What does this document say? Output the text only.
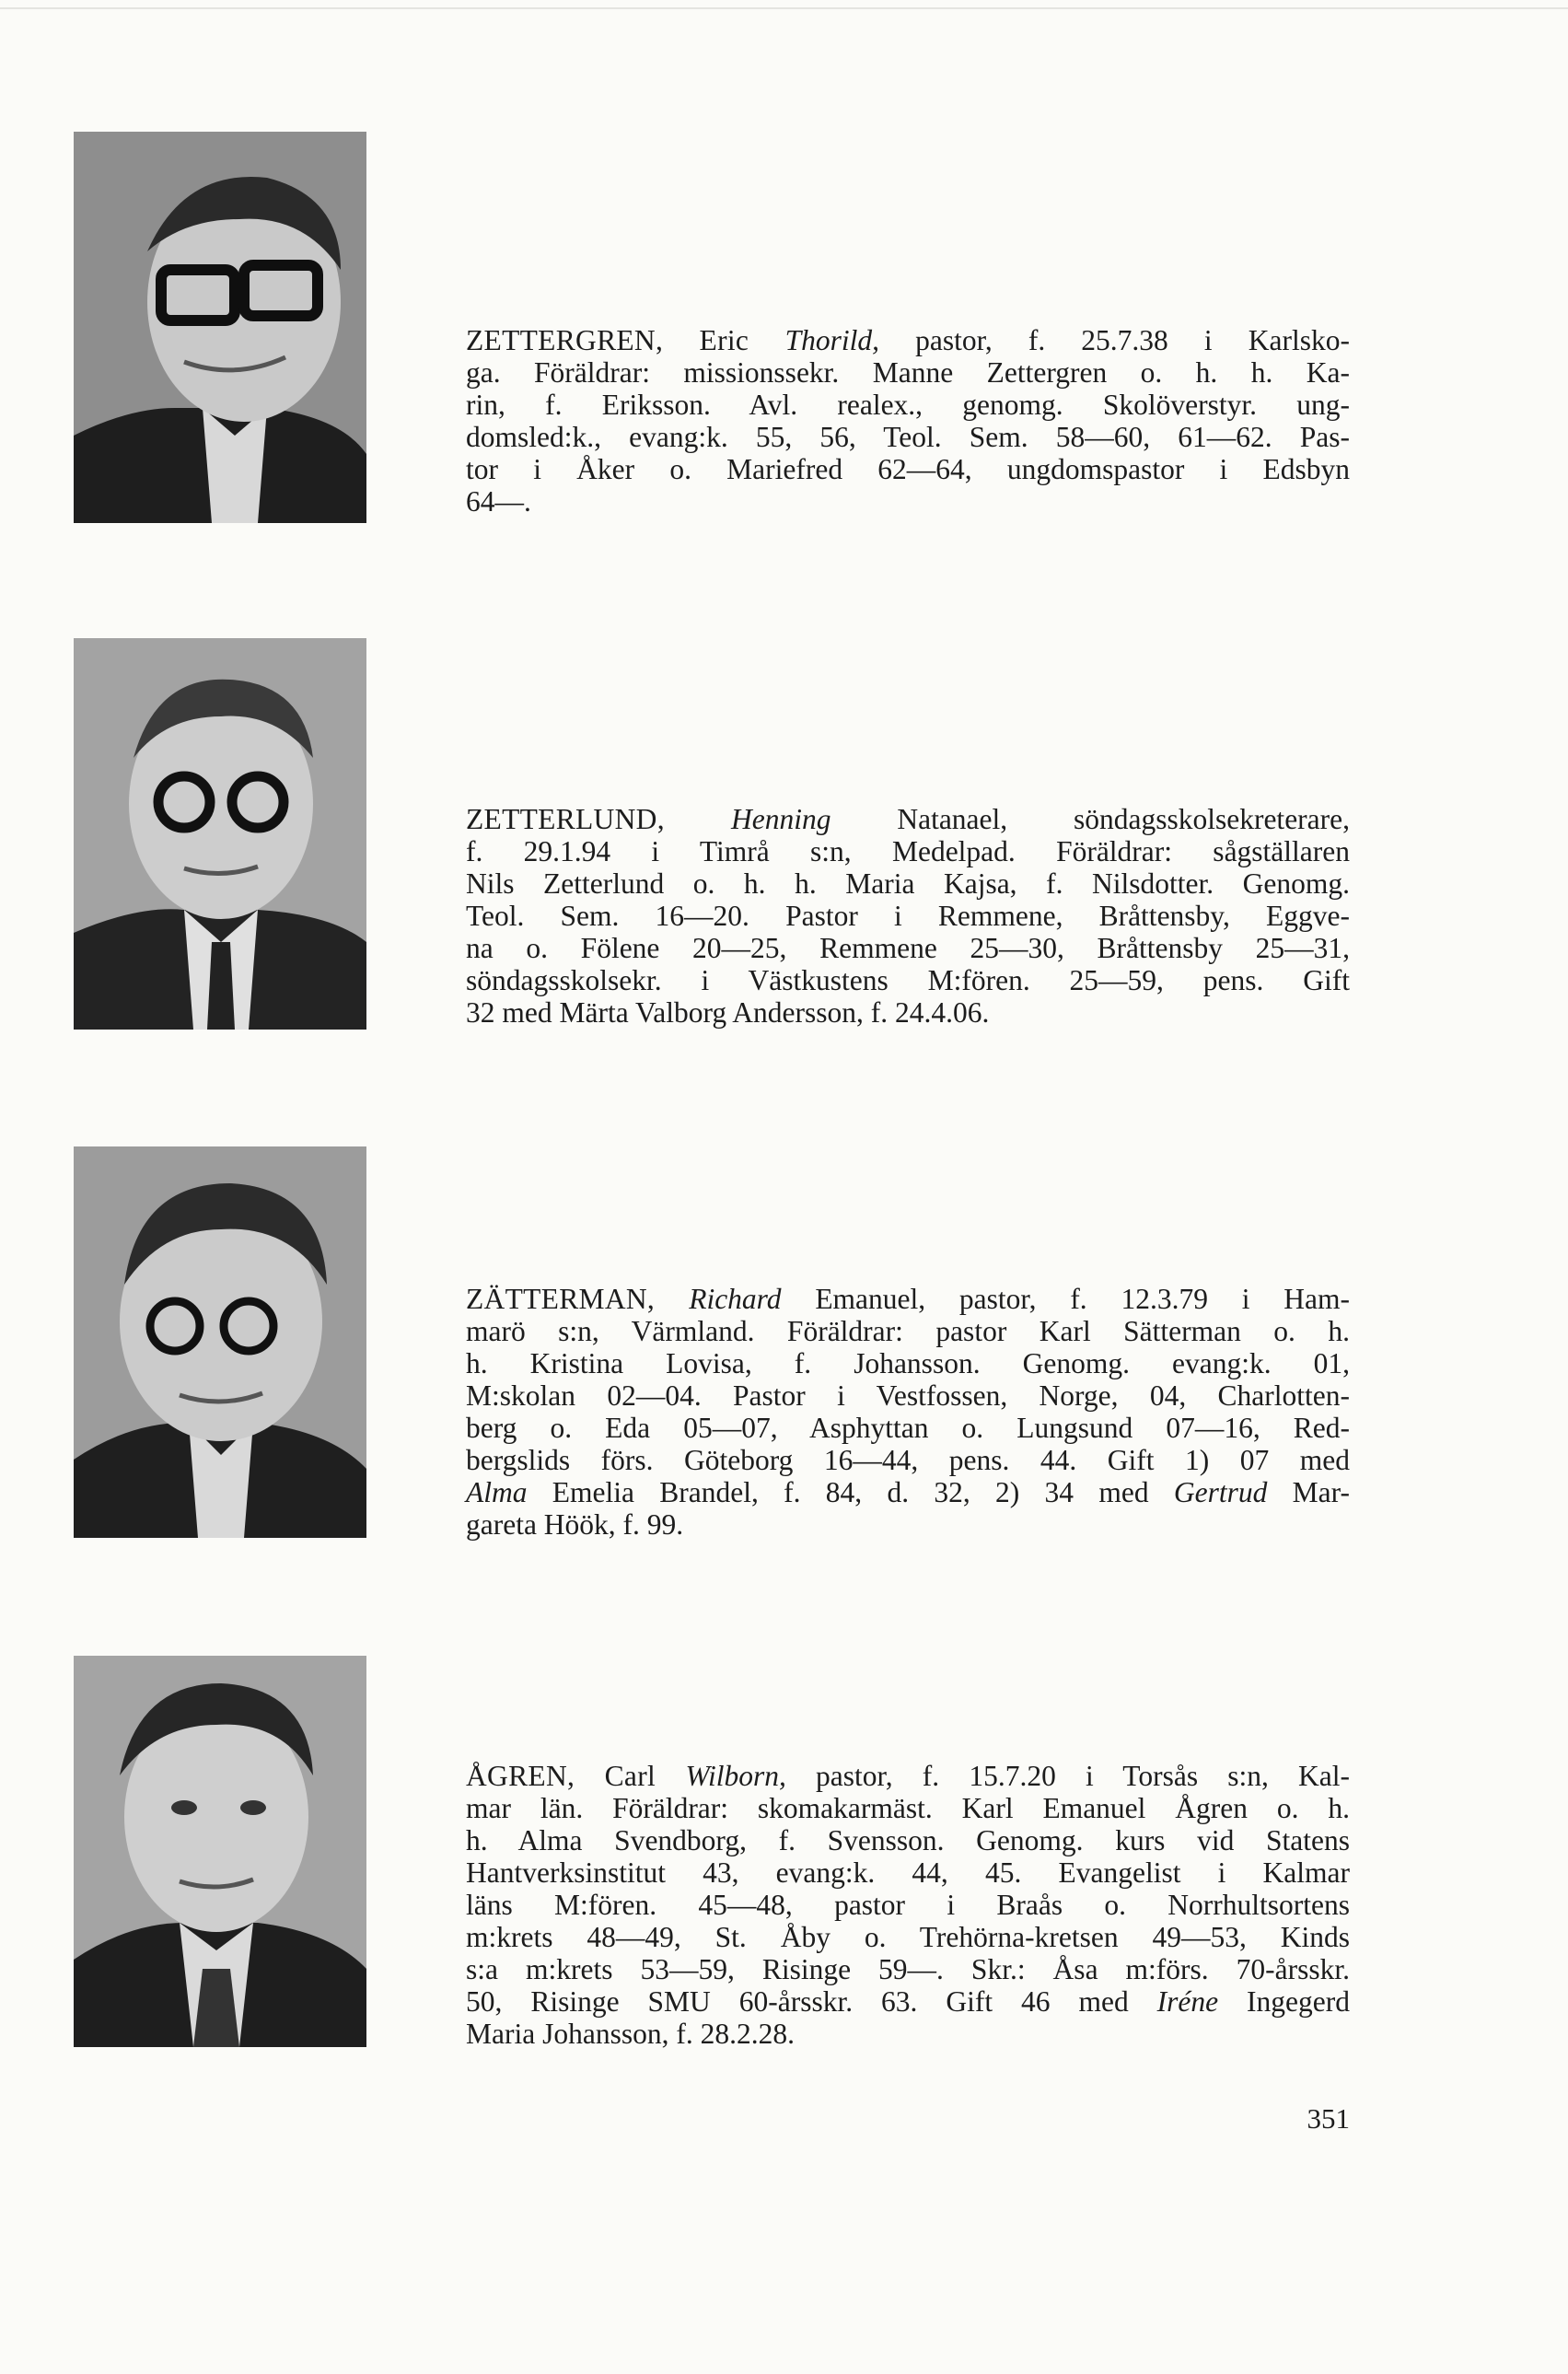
ZETTERGREN, Eric Thorild, pastor, f. 25.7.38 i Karlsko-
ga. Föräldrar: missionssekr. Manne Zettergren o. h. h. Ka-
rin, f. Eriksson. Avl. realex., genomg. Skolöverstyr. ung-
domsled:k., evang:k. 55, 56, Teol. Sem. 58—60, 61—62. Pas-
tor i Åker o. Mariefred 62—64, ungdomspastor i Edsbyn
64—.

ZETTERLUND, Henning Natanael, söndagsskolsekreterare,
f. 29.1.94 i Timrå s:n, Medelpad. Föräldrar: sågställaren
Nils Zetterlund o. h. h. Maria Kajsa, f. Nilsdotter. Genomg.
Teol. Sem. 16—20. Pastor i Remmene, Bråttensby, Eggve-
na o. Fölene 20—25, Remmene 25—30, Bråttensby 25—31,
söndagsskolsekr. i Västkustens M:fören. 25—59, pens. Gift
32 med Märta Valborg Andersson, f. 24.4.06.

ZÄTTERMAN, Richard Emanuel, pastor, f. 12.3.79 i Ham-
marö s:n, Värmland. Föräldrar: pastor Karl Sätterman o. h.
h. Kristina Lovisa, f. Johansson. Genomg. evang:k. 01,
M:skolan 02—04. Pastor i Vestfossen, Norge, 04, Charlotten-
berg o. Eda 05—07, Asphyttan o. Lungsund 07—16, Red-
bergslids förs. Göteborg 16—44, pens. 44. Gift 1) 07 med
Alma Emelia Brandel, f. 84, d. 32, 2) 34 med Gertrud Mar-
gareta Höök, f. 99.

ÅGREN, Carl Wilborn, pastor, f. 15.7.20 i Torsås s:n, Kal-
mar län. Föräldrar: skomakarmäst. Karl Emanuel Ågren o. h.
h. Alma Svendborg, f. Svensson. Genomg. kurs vid Statens
Hantverksinstitut 43, evang:k. 44, 45. Evangelist i Kalmar
läns M:fören. 45—48, pastor i Braås o. Norrhultsortens
m:krets 48—49, St. Åby o. Trehörna-kretsen 49—53, Kinds
s:a m:krets 53—59, Risinge 59—. Skr.: Åsa m:förs. 70-årsskr.
50, Risinge SMU 60-årsskr. 63. Gift 46 med Iréne Ingegerd
Maria Johansson, f. 28.2.28.

351
